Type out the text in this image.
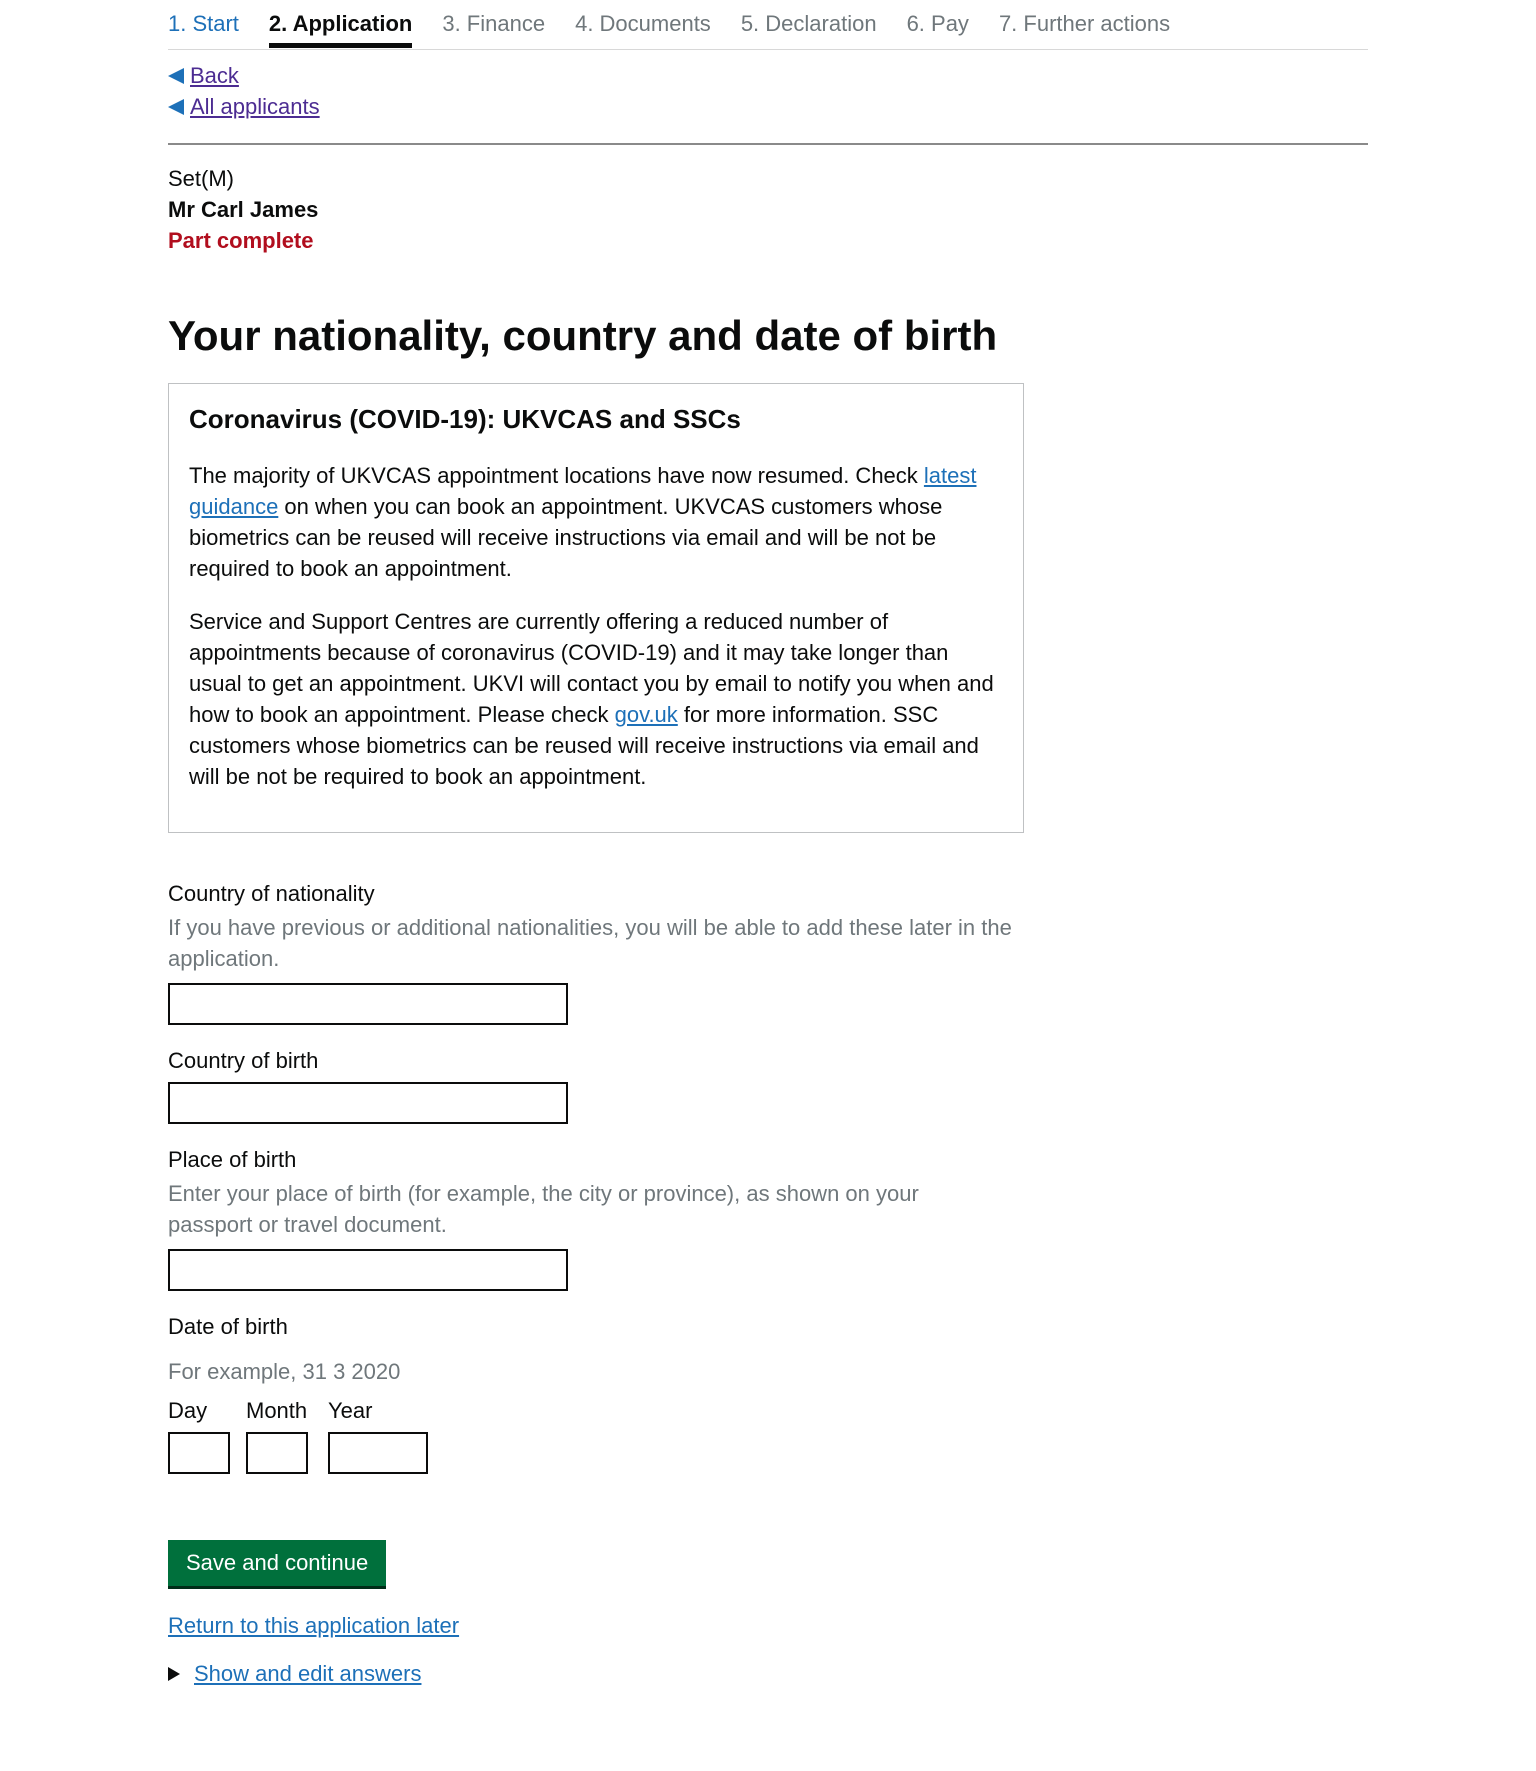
1. Start 2. Application 3. Finance 4. Documents 5. Declaration 6. Pay 7. Further actions
Back
All applicants
Set(M)
Mr Carl James
Part complete
Your nationality, country and date of birth
Coronavirus (COVID-19): UKVCAS and SSCs

The majority of UKVCAS appointment locations have now resumed. Check latest guidance on when you can book an appointment. UKVCAS customers whose biometrics can be reused will receive instructions via email and will be not be required to book an appointment.

Service and Support Centres are currently offering a reduced number of appointments because of coronavirus (COVID-19) and it may take longer than usual to get an appointment. UKVI will contact you by email to notify you when and how to book an appointment. Please check gov.uk for more information. SSC customers whose biometrics can be reused will receive instructions via email and will be not be required to book an appointment.

Country of nationality
If you have previous or additional nationalities, you will be able to add these later in the application.
Country of birth
Place of birth
Enter your place of birth (for example, the city or province), as shown on your passport or travel document.
Date of birth
For example, 31 3 2020
Day	Month Year
Save and continue
Return to this application later
Show and edit answers
